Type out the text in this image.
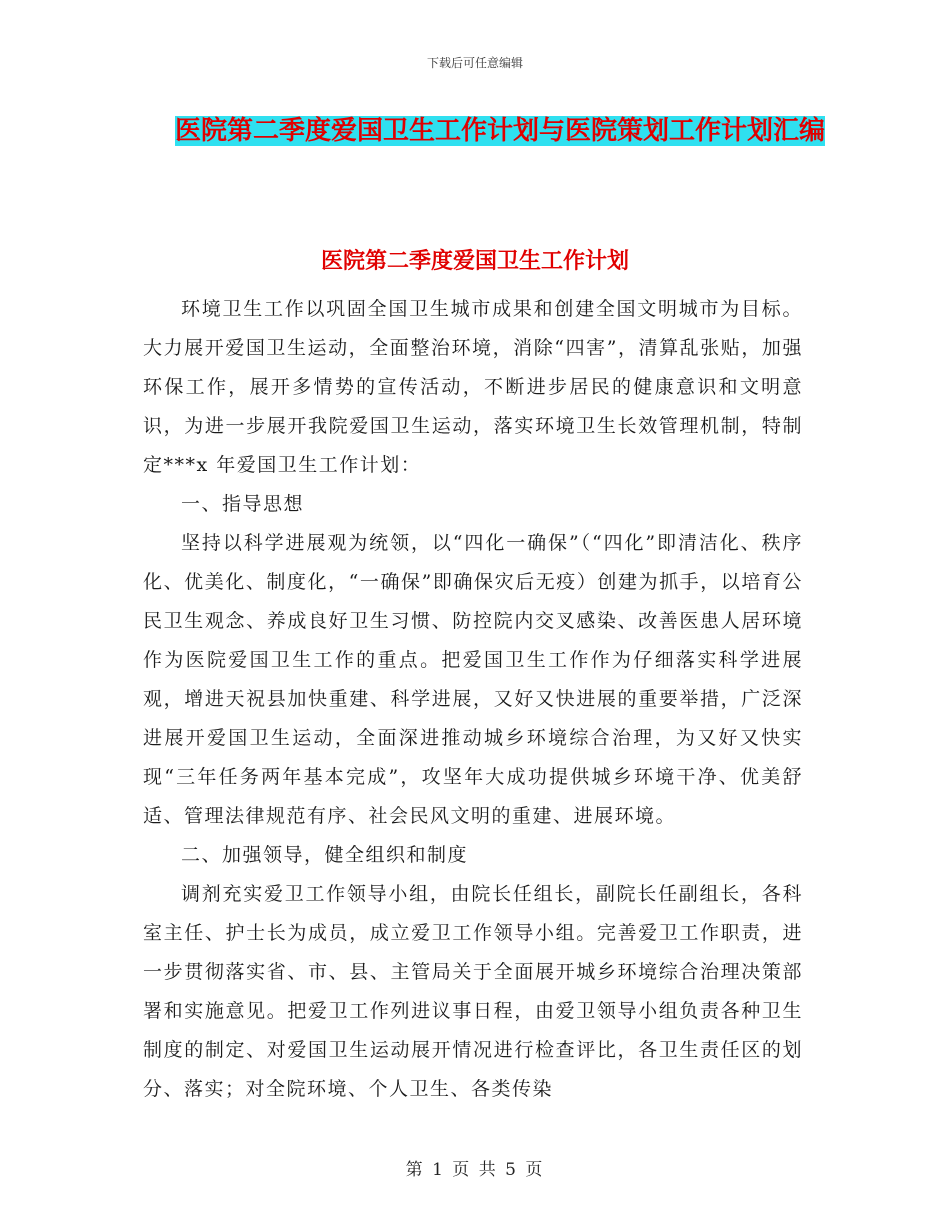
下载后可任意编辑
医院第二季度爱国卫生工作计划与医院策划工作计划汇编
医院第二季度爱国卫生工作计划

环境卫生工作以巩固全国卫生城市成果和创建全国文明城市为目标。大力展开爱国卫生运动，全面整治环境，消除“四害”，清算乱张贴，加强环保工作，展开多情势的宣传活动，不断进步居民的健康意识和文明意识，为进一步展开我院爱国卫生运动，落实环境卫生长效管理机制，特制定***x 年爱国卫生工作计划：

一、指导思想

坚持以科学进展观为统领，以“四化一确保”（“四化”即清洁化、秩序化、优美化、制度化，“一确保”即确保灾后无疫）创建为抓手，以培育公民卫生观念、养成良好卫生习惯、防控院内交叉感染、改善医患人居环境作为医院爱国卫生工作的重点。把爱国卫生工作作为仔细落实科学进展观，增进天祝县加快重建、科学进展，又好又快进展的重要举措，广泛深进展开爱国卫生运动，全面深进推动城乡环境综合治理，为又好又快实现“三年任务两年基本完成”，攻坚年大成功提供城乡环境干净、优美舒适、管理法律规范有序、社会民风文明的重建、进展环境。

二、加强领导，健全组织和制度

调剂充实爱卫工作领导小组，由院长任组长，副院长任副组长，各科室主任、护士长为成员，成立爱卫工作领导小组。完善爱卫工作职责，进一步贯彻落实省、市、县、主管局关于全面展开城乡环境综合治理决策部署和实施意见。把爱卫工作列进议事日程，由爱卫领导小组负责各种卫生制度的制定、对爱国卫生运动展开情况进行检查评比，各卫生责任区的划分、落实；对全院环境、个人卫生、各类传染

第 1 页 共 5 页
